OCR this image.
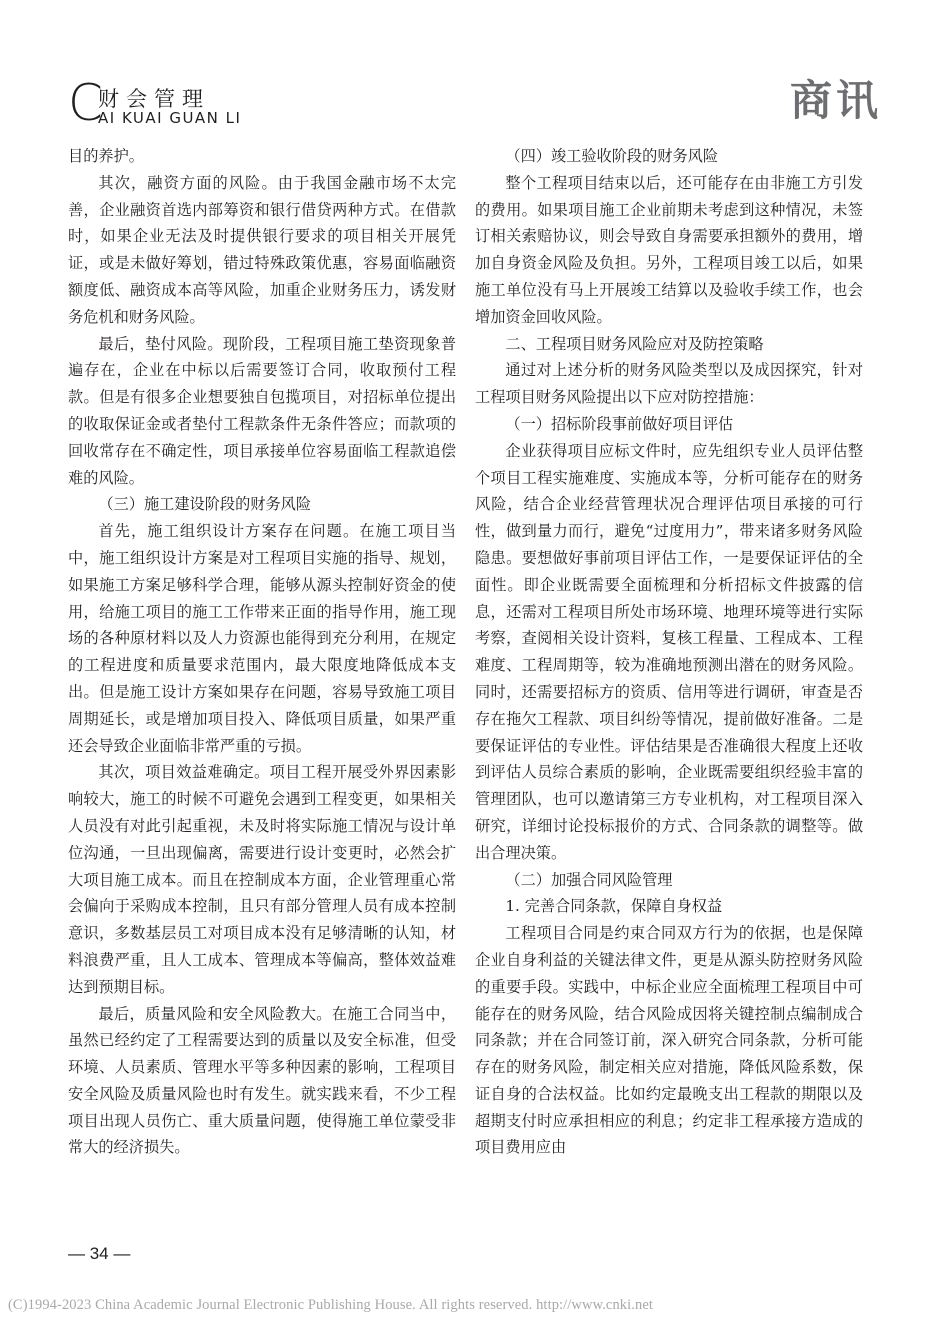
C
财会管理
AI KUAI GUAN LI	商讯

目的养护。

其次，融资方面的风险。由于我国金融市场不太完善，企业融资首选内部筹资和银行借贷两种方式。在借款时，如果企业无法及时提供银行要求的项目相关开展凭证，或是未做好筹划，错过特殊政策优惠，容易面临融资额度低、融资成本高等风险，加重企业财务压力，诱发财务危机和财务风险。

最后，垫付风险。现阶段，工程项目施工垫资现象普遍存在，企业在中标以后需要签订合同，收取预付工程款。但是有很多企业想要独自包揽项目，对招标单位提出的收取保证金或者垫付工程款条件无条件答应；而款项的回收常存在不确定性，项目承接单位容易面临工程款追偿难的风险。

（三）施工建设阶段的财务风险

首先，施工组织设计方案存在问题。在施工项目当中，施工组织设计方案是对工程项目实施的指导、规划，如果施工方案足够科学合理，能够从源头控制好资金的使用，给施工项目的施工工作带来正面的指导作用，施工现场的各种原材料以及人力资源也能得到充分利用，在规定的工程进度和质量要求范围内，最大限度地降低成本支出。但是施工设计方案如果存在问题，容易导致施工项目周期延长，或是增加项目投入、降低项目质量，如果严重还会导致企业面临非常严重的亏损。

其次，项目效益难确定。项目工程开展受外界因素影响较大，施工的时候不可避免会遇到工程变更，如果相关人员没有对此引起重视，未及时将实际施工情况与设计单位沟通，一旦出现偏离，需要进行设计变更时，必然会扩大项目施工成本。而且在控制成本方面，企业管理重心常会偏向于采购成本控制，且只有部分管理人员有成本控制意识，多数基层员工对项目成本没有足够清晰的认知，材料浪费严重，且人工成本、管理成本等偏高，整体效益难达到预期目标。

最后，质量风险和安全风险教大。在施工合同当中，虽然已经约定了工程需要达到的质量以及安全标准，但受环境、人员素质、管理水平等多种因素的影响，工程项目安全风险及质量风险也时有发生。就实践来看，不少工程项目出现人员伤亡、重大质量问题，使得施工单位蒙受非常大的经济损失。

（四）竣工验收阶段的财务风险

整个工程项目结束以后，还可能存在由非施工方引发的费用。如果项目施工企业前期未考虑到这种情况，未签订相关索赔协议，则会导致自身需要承担额外的费用，增加自身资金风险及负担。另外，工程项目竣工以后，如果施工单位没有马上开展竣工结算以及验收手续工作，也会增加资金回收风险。

二、工程项目财务风险应对及防控策略

通过对上述分析的财务风险类型以及成因探究，针对工程项目财务风险提出以下应对防控措施：

（一）招标阶段事前做好项目评估

企业获得项目应标文件时，应先组织专业人员评估整个项目工程实施难度、实施成本等，分析可能存在的财务风险，结合企业经营管理状况合理评估项目承接的可行性，做到量力而行，避免“过度用力”，带来诸多财务风险隐患。要想做好事前项目评估工作，一是要保证评估的全面性。即企业既需要全面梳理和分析招标文件披露的信息，还需对工程项目所处市场环境、地理环境等进行实际考察，查阅相关设计资料，复核工程量、工程成本、工程难度、工程周期等，较为准确地预测出潜在的财务风险。同时，还需要招标方的资质、信用等进行调研，审查是否存在拖欠工程款、项目纠纷等情况，提前做好准备。二是要保证评估的专业性。评估结果是否准确很大程度上还收到评估人员综合素质的影响，企业既需要组织经验丰富的管理团队，也可以邀请第三方专业机构，对工程项目深入研究，详细讨论投标报价的方式、合同条款的调整等。做出合理决策。

（二）加强合同风险管理

1. 完善合同条款，保障自身权益

工程项目合同是约束合同双方行为的依据，也是保障企业自身利益的关键法律文件，更是从源头防控财务风险的重要手段。实践中，中标企业应全面梳理工程项目中可能存在的财务风险，结合风险成因将关键控制点编制成合同条款；并在合同签订前，深入研究合同条款，分析可能存在的财务风险，制定相关应对措施，降低风险系数，保证自身的合法权益。比如约定最晚支出工程款的期限以及超期支付时应承担相应的利息；约定非工程承接方造成的项目费用应由

— 34 —
(C)1994-2023 China Academic Journal Electronic Publishing House. All rights reserved. http://www.cnki.net
